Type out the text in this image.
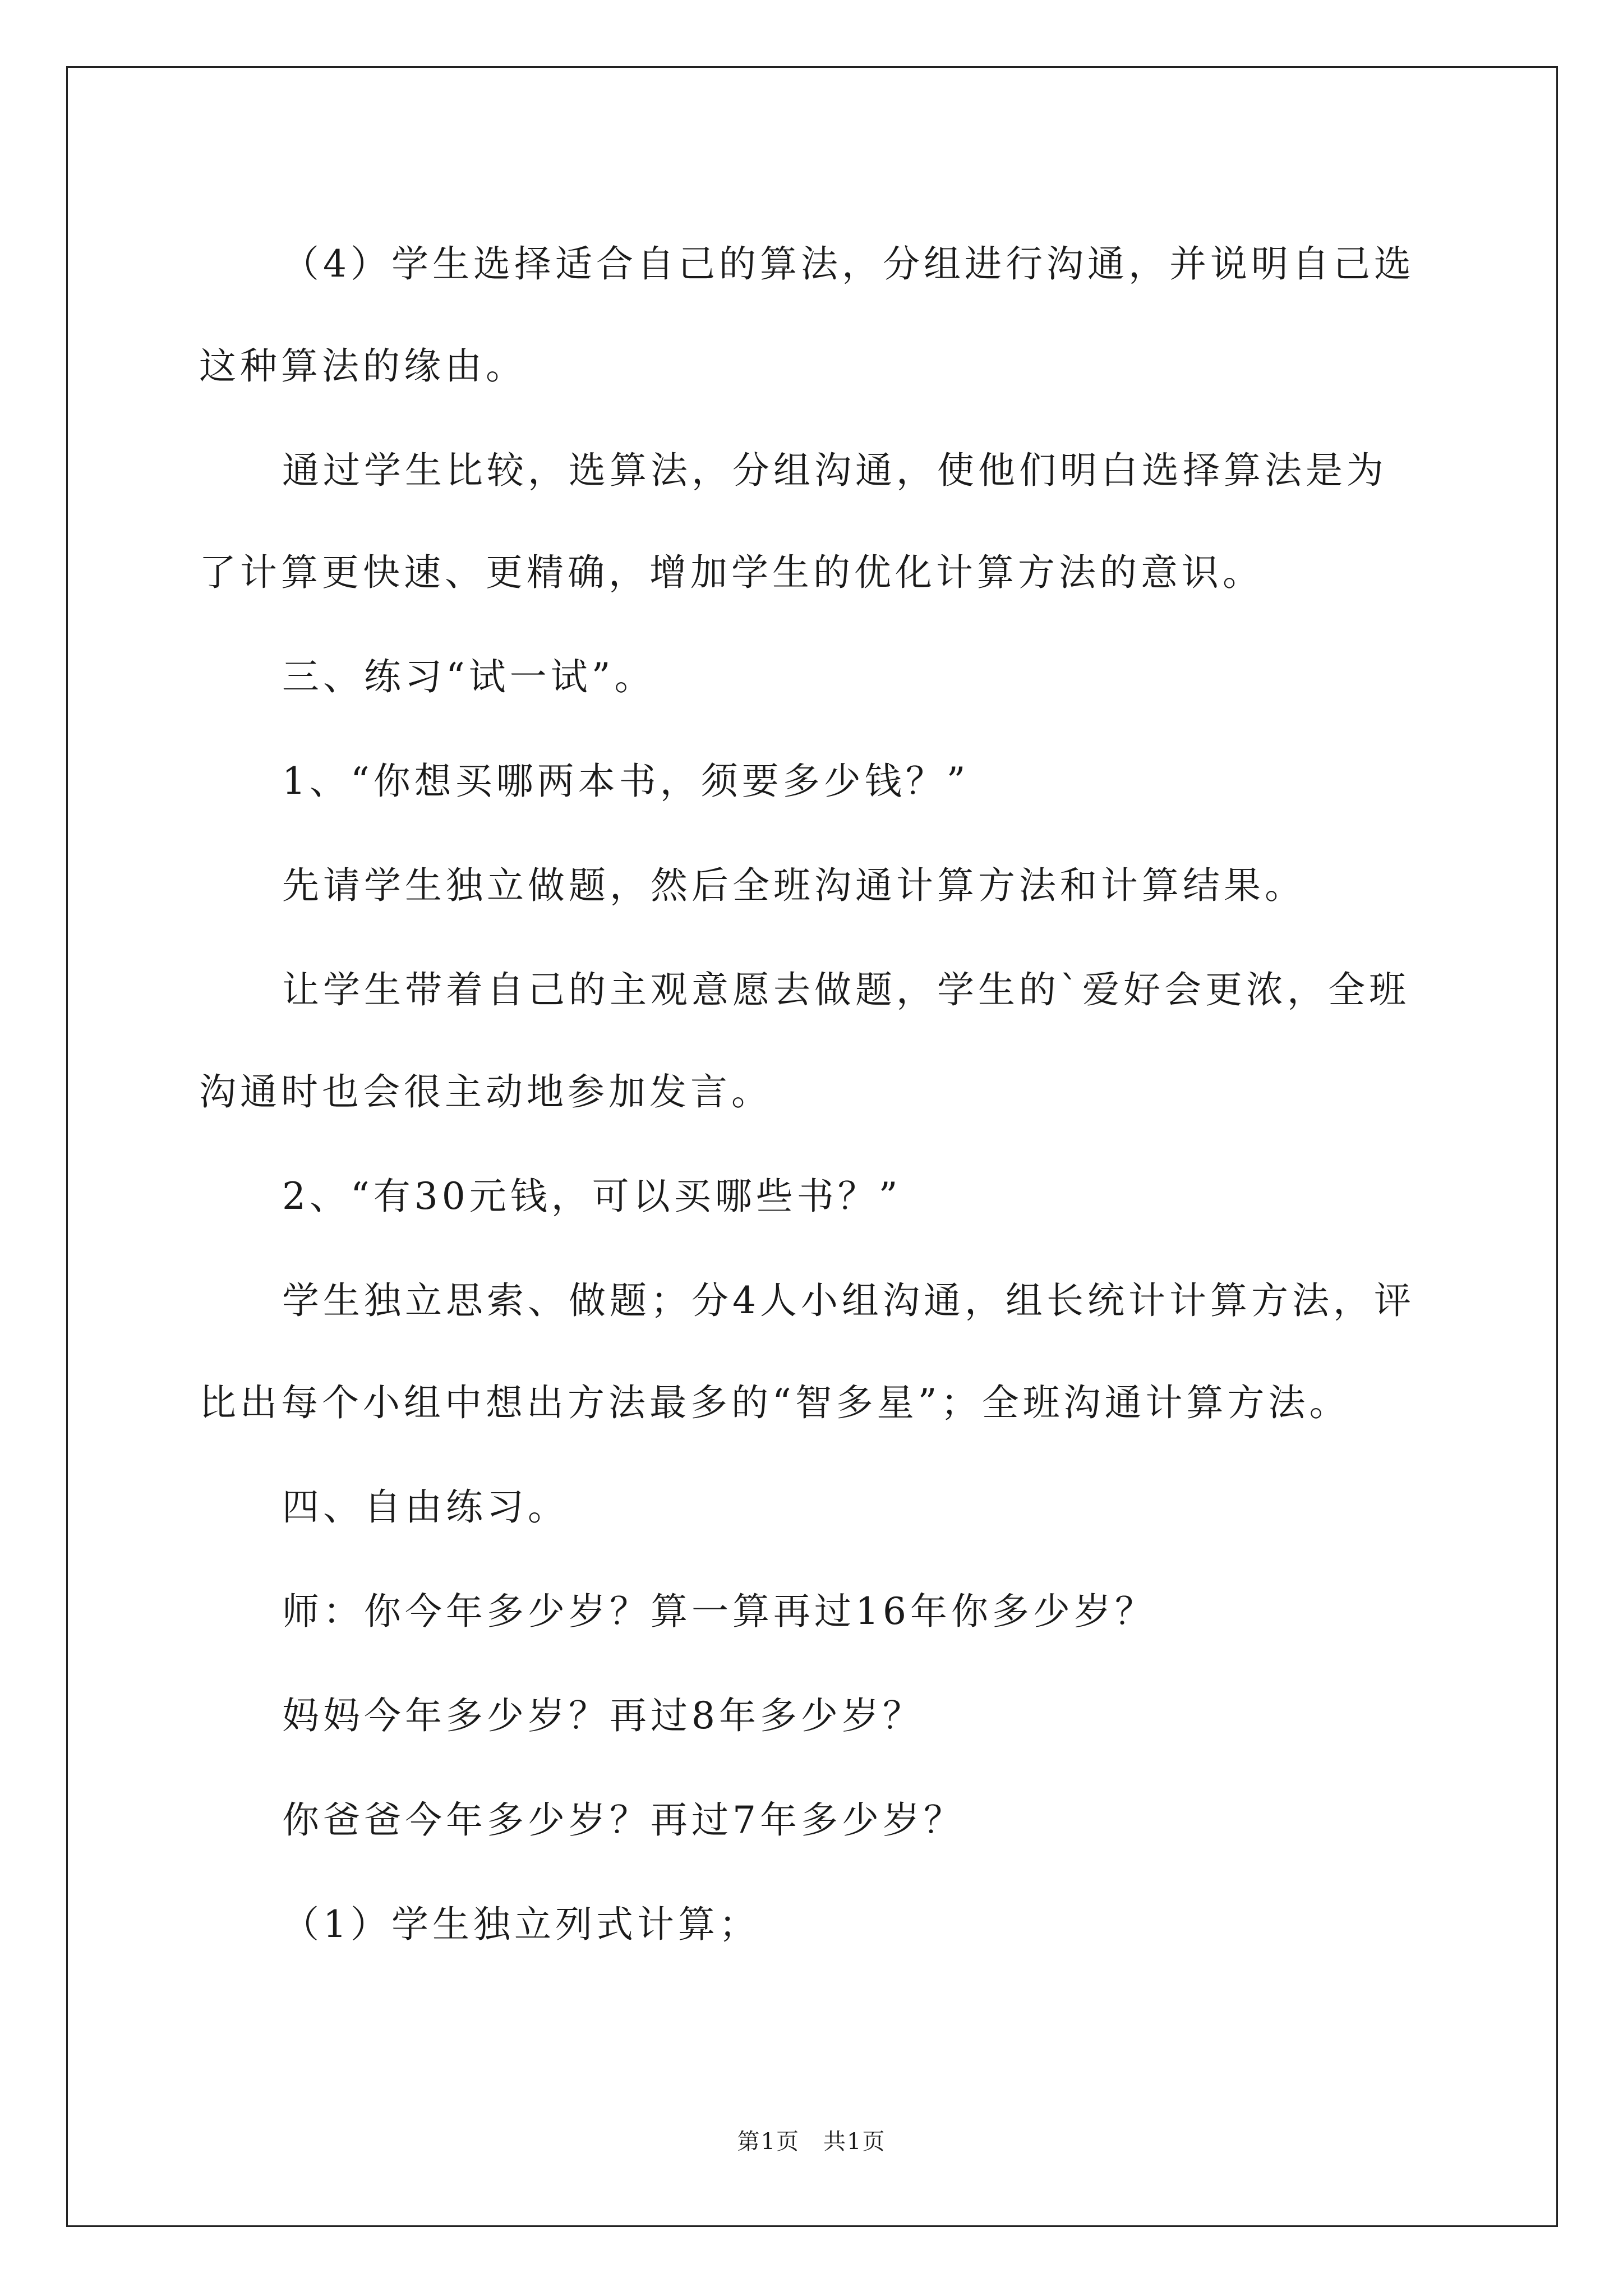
（4）学生选择适合自己的算法，分组进行沟通，并说明自己选这种算法的缘由。

通过学生比较，选算法，分组沟通，使他们明白选择算法是为了计算更快速、更精确，增加学生的优化计算方法的意识。

三、练习“试一试”。

1、“你想买哪两本书，须要多少钱？”

先请学生独立做题，然后全班沟通计算方法和计算结果。

让学生带着自己的主观意愿去做题，学生的`爱好会更浓，全班沟通时也会很主动地参加发言。

2、“有30元钱，可以买哪些书？”

学生独立思索、做题；分4人小组沟通，组长统计计算方法，评比出每个小组中想出方法最多的“智多星”；全班沟通计算方法。

四、自由练习。

师：你今年多少岁？算一算再过16年你多少岁？

妈妈今年多少岁？再过8年多少岁？

你爸爸今年多少岁？再过7年多少岁？

（1）学生独立列式计算；

第1页　共1页
